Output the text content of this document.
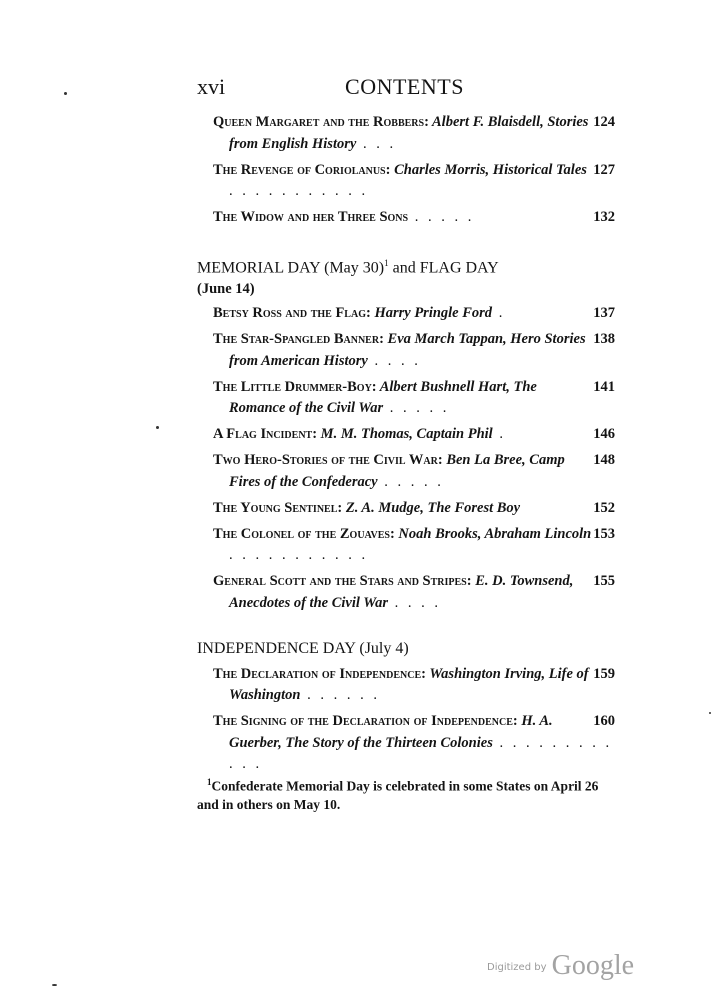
xvi	CONTENTS

124
Queen Margaret and the Robbers: Albert F. Blaisdell, Stories from English History . . .

127
The Revenge of Coriolanus: Charles Morris, Historical Tales . . . . . . . . . . .

132
The Widow and her Three Sons . . . . .

MEMORIAL DAY (May 30)$^1$ and FLAG DAY

(June 14)

137
Betsy Ross and the Flag: Harry Pringle Ford .

138
The Star-Spangled Banner: Eva March Tappan, Hero Stories from American History . . . .

141
The Little Drummer-Boy: Albert Bushnell Hart, The Romance of the Civil War . . . . .

146
A Flag Incident: M. M. Thomas, Captain Phil .

148
Two Hero-Stories of the Civil War: Ben La Bree, Camp Fires of the Confederacy . . . . .

152
The Young Sentinel: Z. A. Mudge, The Forest Boy

153
The Colonel of the Zouaves: Noah Brooks, Abraham Lincoln . . . . . . . . . . .

155
General Scott and the Stars and Stripes: E. D. Townsend, Anecdotes of the Civil War . . . .

INDEPENDENCE DAY (July 4)

159
The Declaration of Independence: Washington Irving, Life of Washington . . . . . .

160
The Signing of the Declaration of Independence: H. A. Guerber, The Story of the Thirteen Colonies . . . . . . . . . . . .

$^1$Confederate Memorial Day is celebrated in some States on April 26 and in others on May 10.
$^{Digitized by}$ Google
